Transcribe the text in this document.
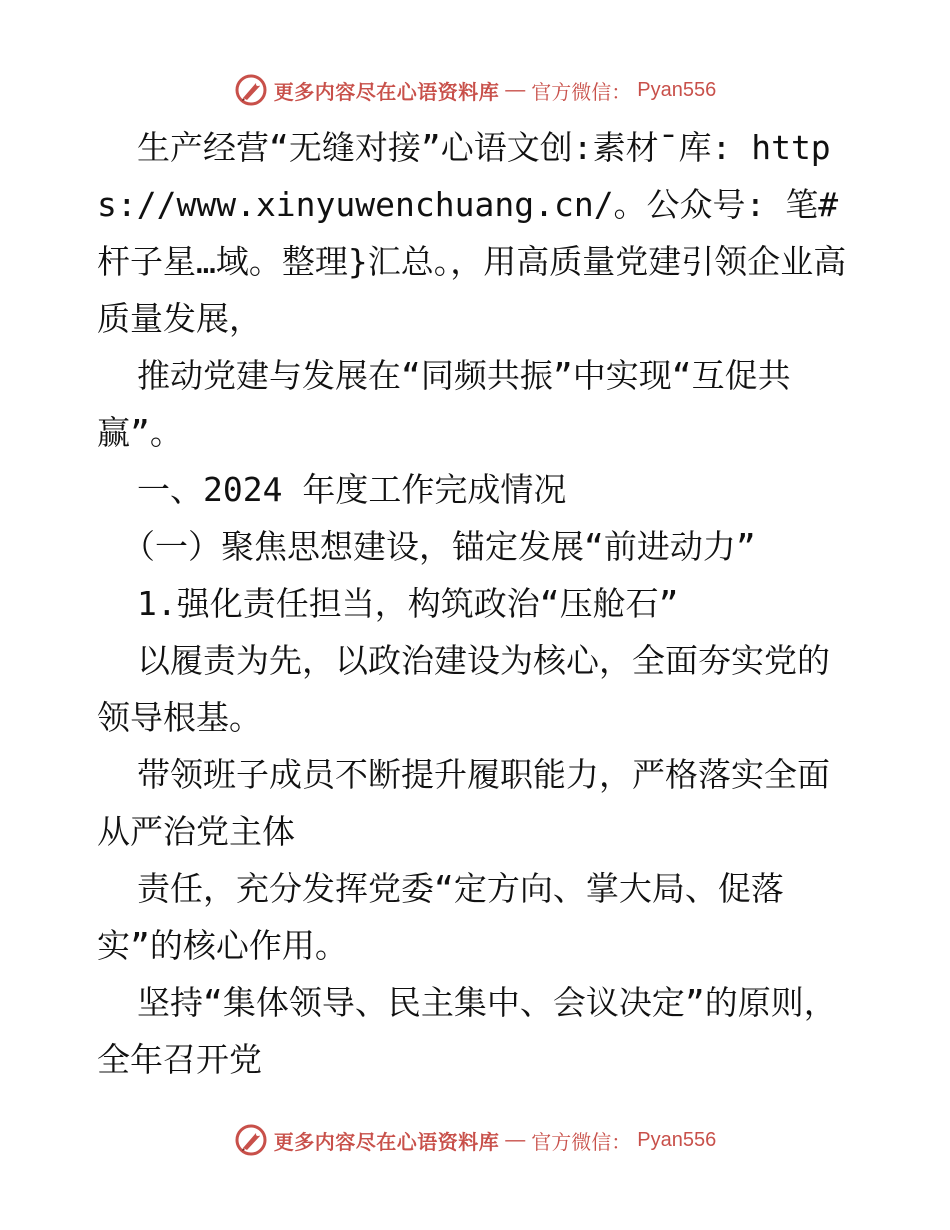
更多内容尽在心语资料库 — 官方微信： Pyan556

生产经营“无缝对接”心语文创:素材¯库: https://www.xinyuwenchuang.cn/。公众号: 笔#杆子星…域。整理}汇总。，用高质量党建引领企业高质量发展，

推动党建与发展在“同频共振”中实现“互促共赢”。

一、2024 年度工作完成情况

（一）聚焦思想建设，锚定发展“前进动力”

1.强化责任担当，构筑政治“压舱石”

以履责为先，以政治建设为核心，全面夯实党的领导根基。

带领班子成员不断提升履职能力，严格落实全面从严治党主体

责任，充分发挥党委“定方向、掌大局、促落实”的核心作用。

坚持“集体领导、民主集中、会议决定”的原则，全年召开党

更多内容尽在心语资料库 — 官方微信： Pyan556
